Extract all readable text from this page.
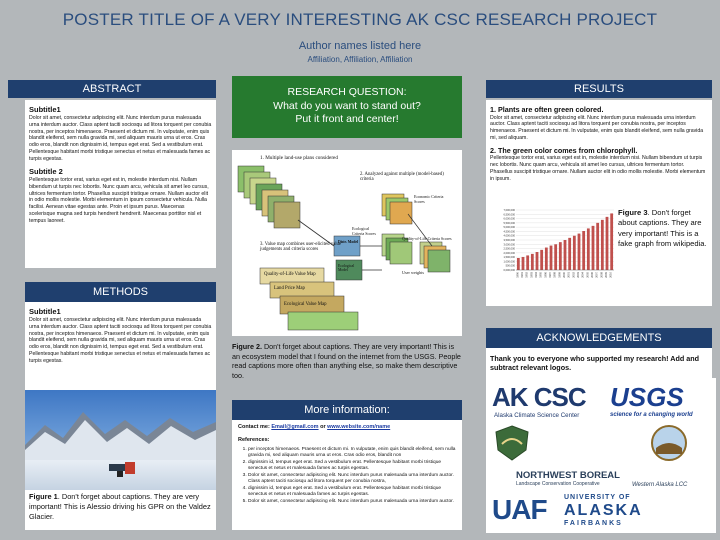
POSTER TITLE OF A VERY INTERESTING AK CSC RESEARCH PROJECT
Author names listed here
Affiliation, Affiliation, Affiliation
ABSTRACT
Subtitle1
Dolor sit amet, consectetur adipiscing elit. Nunc interdum purus malesuada urna interdum auctor. Class aptent taciti sociosqu ad litora torquent per conubia nostra, per inceptos himenaeos. Praesent et dictum mi. In vulputate, enim quis blandit eleifend, sem nulla gravida mi, sed aliquam mauris urna ut eros. Cras odio eros, blandit non dignissim id, tempus eget erat. Sed a vestibulum erat. Pellentesque habitant morbi tristique senectus et netus et malesuada fames ac turpis egestas.
Subtitle 2
Pellentesque tortor erat, varius eget est in, molestie interdum nisi. Nullam bibendum ut turpis nec lobortis. Nunc quam arcu, vehicula sit amet leo cursus, ultrices fermentum tortor. Phasellus suscipit tristique ornare. Nullam auctor elit in odio mollis molestie. Morbi elementum in ipsum consectetur vehicula. Nulla facilisi. Aenean vitae egestas ante. Proin et ipsum purus. Maecenas scelerisque magna sed turpis hendrerit hendrerit. Maecenas porttitor nisl et tempus laoreet.
METHODS
Subtitle1
Dolor sit amet, consectetur adipiscing elit. Nunc interdum purus malesuada urna interdum auctor. Class aptent taciti sociosqu ad litora torquent per conubia nostra, per inceptos himenaeos. Praesent et dictum mi. In vulputate, enim quis blandit eleifend, sem nulla gravida mi, sed aliquam mauris urna ut eros. Cras odio eros, blandit non dignissim id, tempus eget erat. Sed a vestibulum erat. Pellentesque habitant morbi tristique senectus et netus et malesuada fames ac turpis egestas.
Figure 1. Don't forget about captions. They are very important! This is Alessio driving his GPR on the Valdez Glacier.
RESEARCH QUESTION:
What do you want to stand out?
Put it front and center!
1. Multiple land-use plans considered
2. Analyzed against multiple (model-based) criteria
Economic Criteria Scores
Ecological Criteria Scores
Quality-of-Life Criteria Scores
Distr. Model
Ecological Model
3. Value map combines user-elicited value judgements and criteria scores
User weights
Quality-of-Life Value Map
Land Price Map
Ecological Value Map
Figure 2. Don't forget about captions. They are very important! This is an ecosystem model that I found on the internet from the USGS. People read captions more often than anything else, so make them descriptive too.
More information:
Contact me: Email@gmail.com or www.website.com/name
References:
1. per inceptos himenaeos. Praesent et dictum mi. In vulputate, enim quis blandit eleifend, sem nulla gravida mi, sed aliquam mauris urna ut eros. Cras odio eros, blandit non
2. dignissim id, tempus eget erat. Sed a vestibulum erat. Pellentesque habitant morbi tristique senectus et netus et malesuada fames ac turpis egestas.
3. Dolor sit amet, consectetur adipiscing elit. Nunc interdum purus malesuada urna interdum auctor. Class aptent taciti sociosqu ad litora torquent per conubia nostra,
4. dignissim id, tempus eget erat. Sed a vestibulum erat. Pellentesque habitant morbi tristique senectus et netus et malesuada fames ac turpis egestas.
5. Dolor sit amet, consectetur adipiscing elit. Nunc interdum purus malesuada urna interdum auctor.
RESULTS
1. Plants are often green colored.
Dolor sit amet, consectetur adipiscing elit. Nunc interdum purus malesuada urna interdum auctor. Class aptent taciti sociosqu ad litora torquent per conubia nostra, per inceptos himenaeos. Praesent et dictum mi. In vulputate, enim quis blandit eleifend, sem nulla gravida mi, sed aliquam.
2. The green color comes from chlorophyll.
Pellentesque tortor erat, varius eget est in, molestie interdum nisi. Nullam bibendum ut turpis nec lobortis. Nunc quam arcu, vehicula sit amet leo cursus, ultrices fermentum tortor. Phasellus suscipit tristique ornare. Nullam auctor elit in odio mollis molestie. Morbi elementum in ipsum.
0,000,000
500,000
1,000,000
1,500,000
2,000,000
2,500,000
3,000,000
3,500,000
4,000,000
4,500,000
5,000,000
5,500,000
6,000,000
6,500,000
7,000,000
1990 1991 1992 1993 1994 1995 1996 1997 1998 1999 2000 2001 2002 2003 2004 2005 2006 2007 2008 2009 2010
Figure 3. Don't forget about captions. They are very important! This is a fake graph from wikipedia.
ACKNOWLEDGEMENTS
Thank you to everyone who supported my research! Add and subtract relevant logos.
AK CSC
Alaska Climate Science Center
USGS
science for a changing world
NORTHWEST BOREAL
Landscape Conservation Cooperative	Western Alaska LCC
UAF UNIVERSITY OF
ALASKA
FAIRBANKS
